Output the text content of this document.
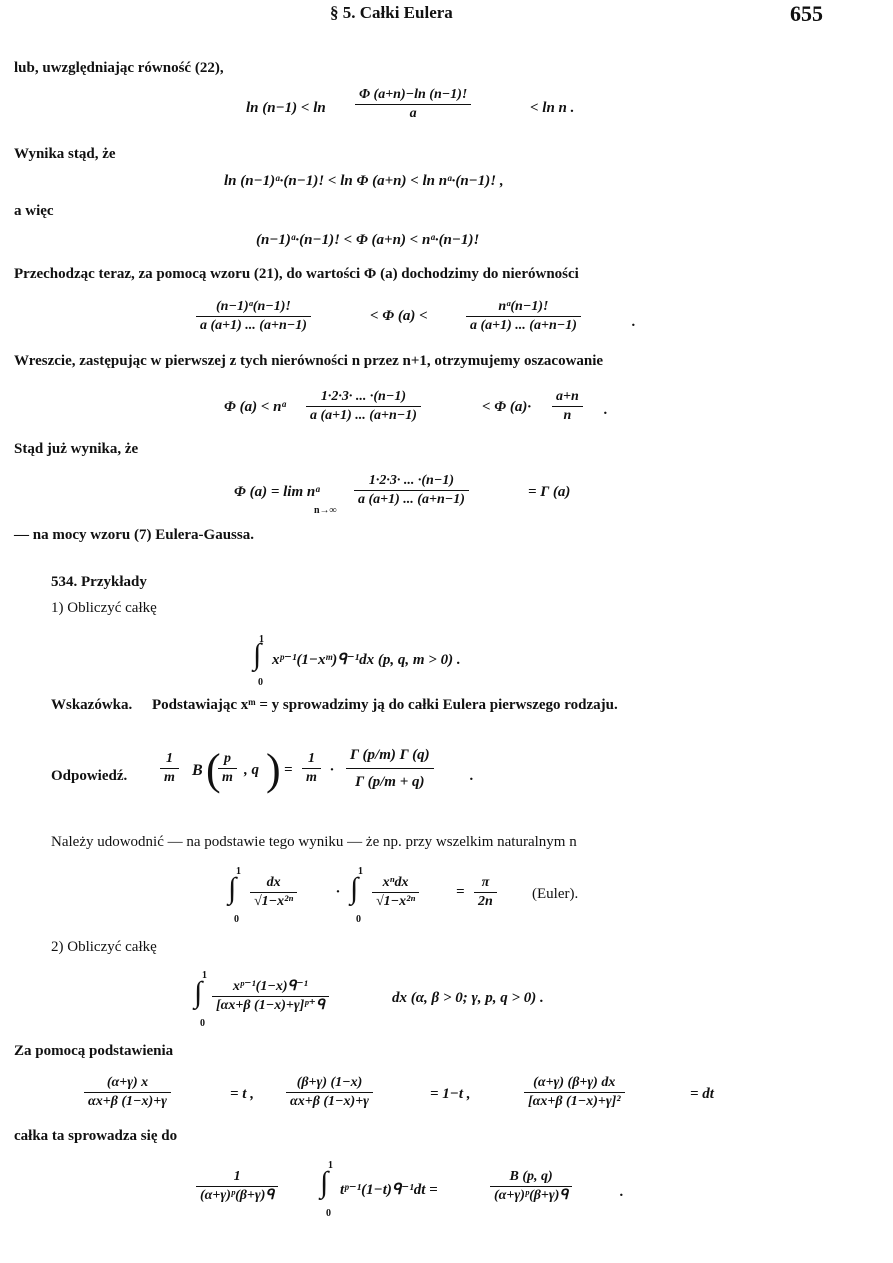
§ 5. Całki Eulera	655
lub, uwzględniając równość (22),
$\ln (n-1) < \ln \frac{\Phi (a+n)-\ln (n-1)!}{a}$	< ln n .
Wynika stąd, że
ln (n−1)ᵃ·(n−1)! < ln Φ (a+n) < ln nᵃ·(n−1)! ,
a więc
(n−1)ᵃ·(n−1)! < Φ (a+n) < nᵃ·(n−1)!
Przechodząc teraz, za pomocą wzoru (21), do wartości Φ (a) dochodzimy do nierówności
$\frac{\text{(n−1)ᵃ(n−1)!}}{a (a+1) ... (a+n-1)}$	< Φ (a) <	$\frac{\text{nᵃ(n−1)!}}{a (a+1) ... (a+n-1)}$	.
Wreszcie, zastępując w pierwszej z tych nierówności n przez n+1, otrzymujemy oszacowanie
Φ (a) < nᵃ $\frac{1\cdot 2\cdot 3\cdot ... \cdot(n-1)}{a (a+1) ... (a+n-1)}$	< Φ $(a)\cdot \frac{a+n}{n}$ .
Stąd już wynika, że
Φ (a) = lim nᵃ
n→∞
$\frac{1\cdot 2\cdot 3\cdot ... \cdot(n-1)}{a (a+1) ... (a+n-1)}$	= Γ (a)
— na mocy wzoru (7) Eulera-Gaussa.
534. Przykłady
1) Obliczyć całkę
1
∫
0
xᵖ⁻¹(1−xᵐ)ᑫ⁻¹dx (p, q, m > 0) .
Wskazówka. Podstawiając xᵐ = y sprowadzimy ją do całki Eulera pierwszego rodzaju.
Odpowiedź. $\frac{1}{m}$ B (
$\frac{p}{m}$ , q ) = $\frac{1}{m} \cdot \frac{\Gamma (p/m) \Gamma (q)}{\Gamma (p/m + q)}$ .
Należy udowodnić — na podstawie tego wyniku — że np. przy wszelkim naturalnym n
1
∫
0
$\frac{dx}{\text{√1−x²ⁿ}}$	·
1
∫
0
xⁿdx
√1−x²ⁿ
= $\frac{\pi}{2n}$ (Euler).
2) Obliczyć całkę
1
∫
0
xᵖ⁻¹(1−x)ᑫ⁻¹
[αx+β (1−x)+γ]ᵖ⁺ᑫ	dx (α, β > 0; γ, p, q > 0) .
Za pomocą podstawienia
$\frac{(\alpha+\gamma) x}{\alpha x+\beta (1-x)+\gamma}$	= t , $\frac{(\beta+\gamma) (1-x)}{\alpha x+\beta (1-x)+\gamma}$	= 1−t ,	$\frac{(\alpha+\gamma) (\beta+\gamma) dx}{\text{[αx+β (1−x)+γ]²}}$	= dt
całka ta sprowadza się do
1
(α+γ)ᵖ(β+γ)ᑫ
1
∫
0
tᵖ⁻¹(1−t)ᑫ⁻¹dt =
B (p, q)
(α+γ)ᵖ(β+γ)ᑫ	.
